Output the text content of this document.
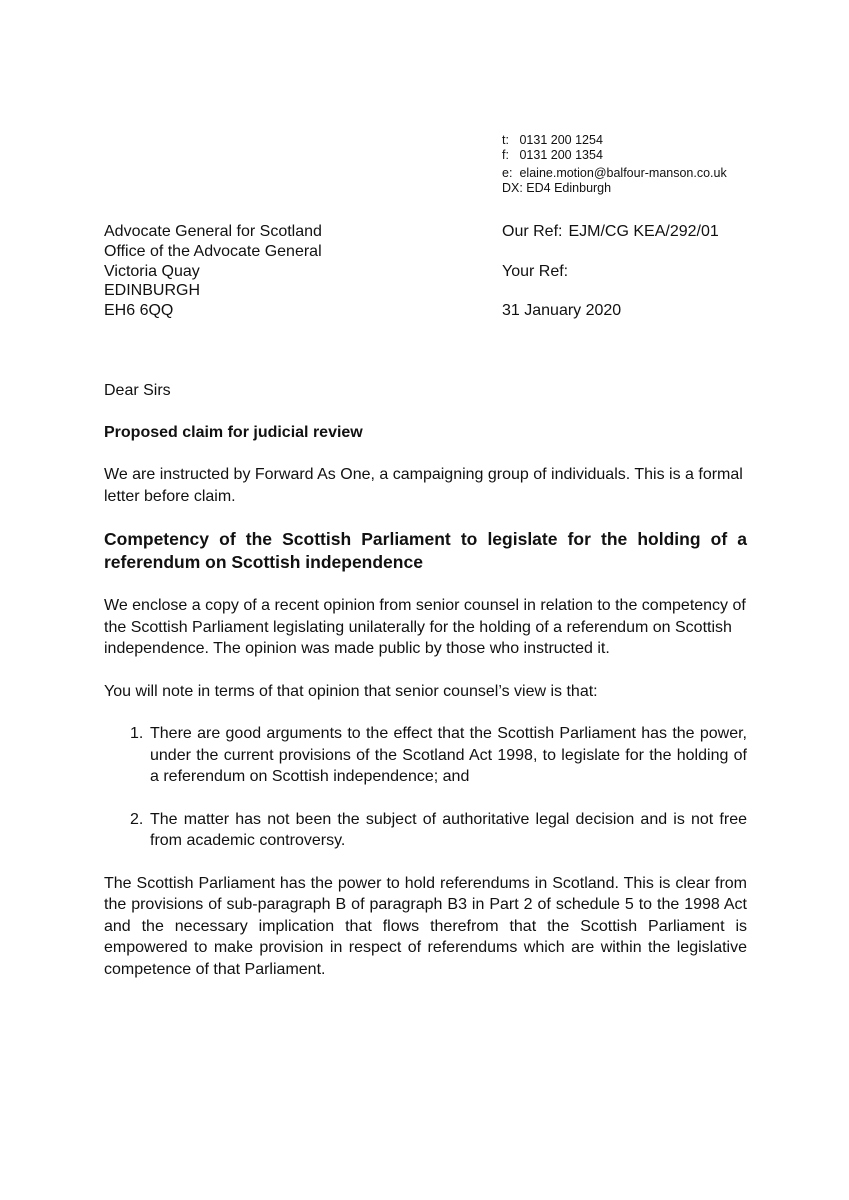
t: 0131 200 1254
f: 0131 200 1354
e: elaine.motion@balfour-manson.co.uk
DX: ED4 Edinburgh
Advocate General for Scotland
Office of the Advocate General
Victoria Quay
EDINBURGH
EH6 6QQ
Our Ref: EJM/CG KEA/292/01
Your Ref:
31 January 2020

Dear Sirs

Proposed claim for judicial review

We are instructed by Forward As One, a campaigning group of individuals. This is a formal letter before claim.

Competency of the Scottish Parliament to legislate for the holding of a referendum on Scottish independence

We enclose a copy of a recent opinion from senior counsel in relation to the competency of the Scottish Parliament legislating unilaterally for the holding of a referendum on Scottish independence. The opinion was made public by those who instructed it.

You will note in terms of that opinion that senior counsel’s view is that:

1. There are good arguments to the effect that the Scottish Parliament has the power, under the current provisions of the Scotland Act 1998, to legislate for the holding of a referendum on Scottish independence; and
2. The matter has not been the subject of authoritative legal decision and is not free from academic controversy.

The Scottish Parliament has the power to hold referendums in Scotland. This is clear from the provisions of sub-paragraph B of paragraph B3 in Part 2 of schedule 5 to the 1998 Act and the necessary implication that flows therefrom that the Scottish Parliament is empowered to make provision in respect of referendums which are within the legislative competence of that Parliament.
